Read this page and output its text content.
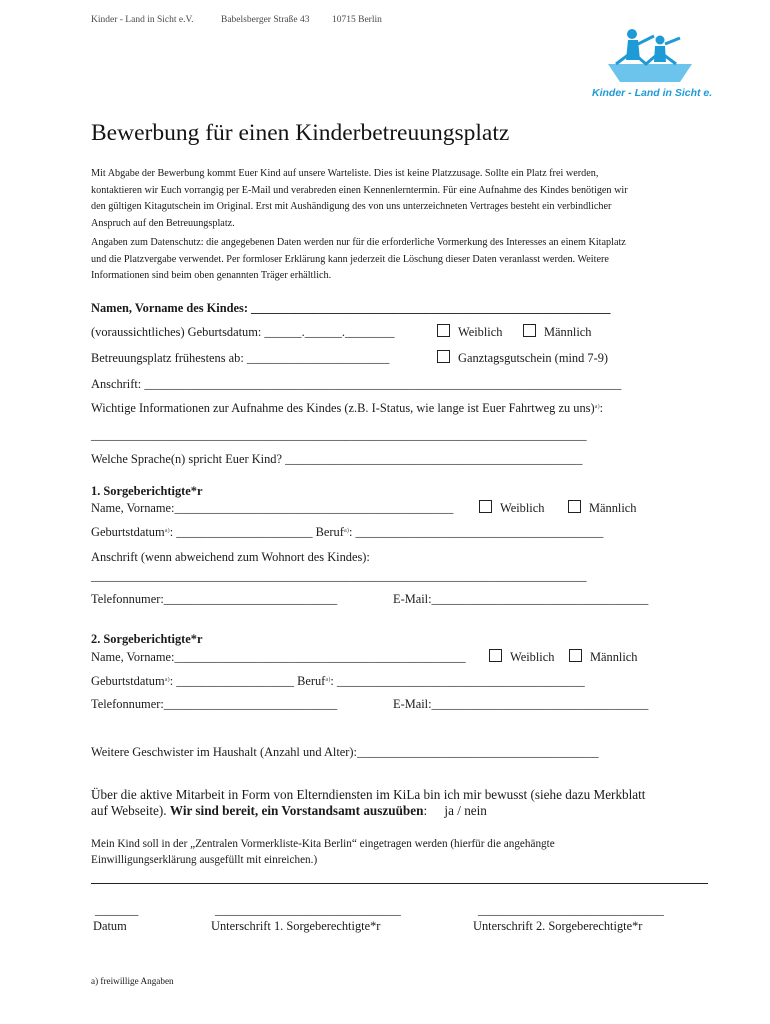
Kinder - Land in Sicht e.V.	Babelsberger Straße 43 10715 Berlin
Kinder - Land in Sicht e.V.
Bewerbung für einen Kinderbetreuungsplatz
Mit Abgabe der Bewerbung kommt Euer Kind auf unsere Warteliste. Dies ist keine Platzzusage. Sollte ein Platz frei werden,
kontaktieren wir Euch vorrangig per E-Mail und verabreden einen Kennenlerntermin. Für eine Aufnahme des Kindes benötigen wir
den gültigen Kitagutschein im Original. Erst mit Aushändigung des von uns unterzeichneten Vertrages besteht ein verbindlicher
Anspruch auf den Betreuungsplatz.
Angaben zum Datenschutz: die angegebenen Daten werden nur für die erforderliche Vormerkung des Interesses an einem Kitaplatz
und die Platzvergabe verwendet. Per formloser Erklärung kann jederzeit die Löschung dieser Daten veranlasst werden. Weitere
Informationen sind beim oben genannten Träger erhältlich.
Namen, Vorname des Kindes: __________________________________________________________
(voraussichtliches) Geburtsdatum: ______.______.________	Weiblich	Männlich
Betreuungsplatz frühestens ab: _______________________	Ganztagsgutschein (mind 7-9)
Anschrift: _____________________________________________________________________________
Wichtige Informationen zur Aufnahme des Kindes (z.B. I-Status, wie lange ist Euer Fahrtweg zu uns)$^{a)}$:
________________________________________________________________________________
Welche Sprache(n) spricht Euer Kind? ________________________________________________
1. Sorgeberichtigte*r
Name, Vorname:_____________________________________________	Weiblich	Männlich
Geburtstdatum$^{a)}$: ______________________ Beruf$^{a)}$: ________________________________________
Anschrift (wenn abweichend zum Wohnort des Kindes):
________________________________________________________________________________
Telefonnumer:____________________________	E-Mail:___________________________________
2. Sorgeberichtigte*r
Name, Vorname:_______________________________________________	Weiblich	Männlich
Geburtstdatum$^{a)}$: ___________________ Beruf$^{a)}$: ________________________________________
Telefonnumer:____________________________	E-Mail:___________________________________
Weitere Geschwister im Haushalt (Anzahl und Alter):_______________________________________
Über die aktive Mitarbeit in Form von Elterndiensten im KiLa bin ich mir bewusst (siehe dazu Merkblatt
auf Webseite). Wir sind bereit, ein Vorstandsamt auszuüben: ja / nein
Mein Kind soll in der „Zentralen Vormerkliste-Kita Berlin“ eingetragen werden (hierfür die angehängte
Einwilligungserklärung ausgefüllt mit einreichen.)
_______
Datum
______________________________
Unterschrift 1. Sorgeberechtigte*r
______________________________
Unterschrift 2. Sorgeberechtigte*r
a) freiwillige Angaben
